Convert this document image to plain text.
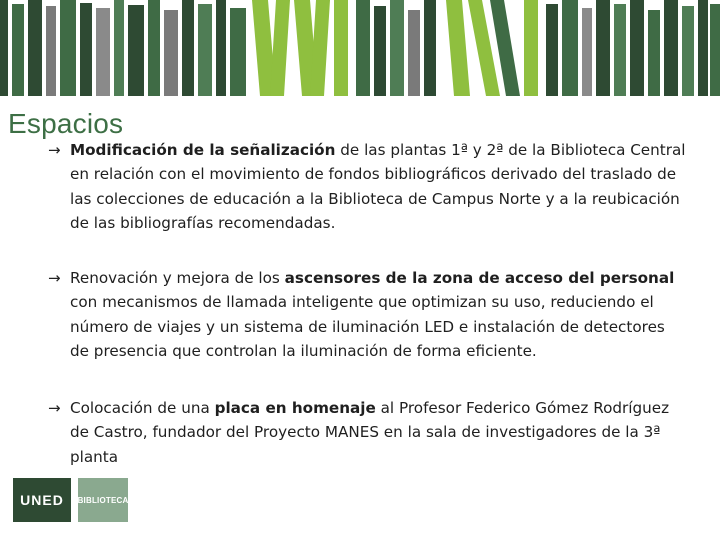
Espacios
→ Modificación de la señalización de las plantas 1ª y 2ª de la Biblioteca Central en relación con el movimiento de fondos bibliográficos derivado del traslado de las colecciones de educación a la Biblioteca de Campus Norte y a la reubicación de las bibliografías recomendadas.
→ Renovación y mejora de los ascensores de la zona de acceso del personal con mecanismos de llamada inteligente que optimizan su uso, reduciendo el número de viajes y un sistema de iluminación LED e instalación de detectores de presencia que controlan la iluminación de forma eficiente.
→ Colocación de una placa en homenaje al Profesor Federico Gómez Rodríguez de Castro, fundador del Proyecto MANES en la sala de investigadores de la 3ª planta
UNED	BIBLIOTECA
